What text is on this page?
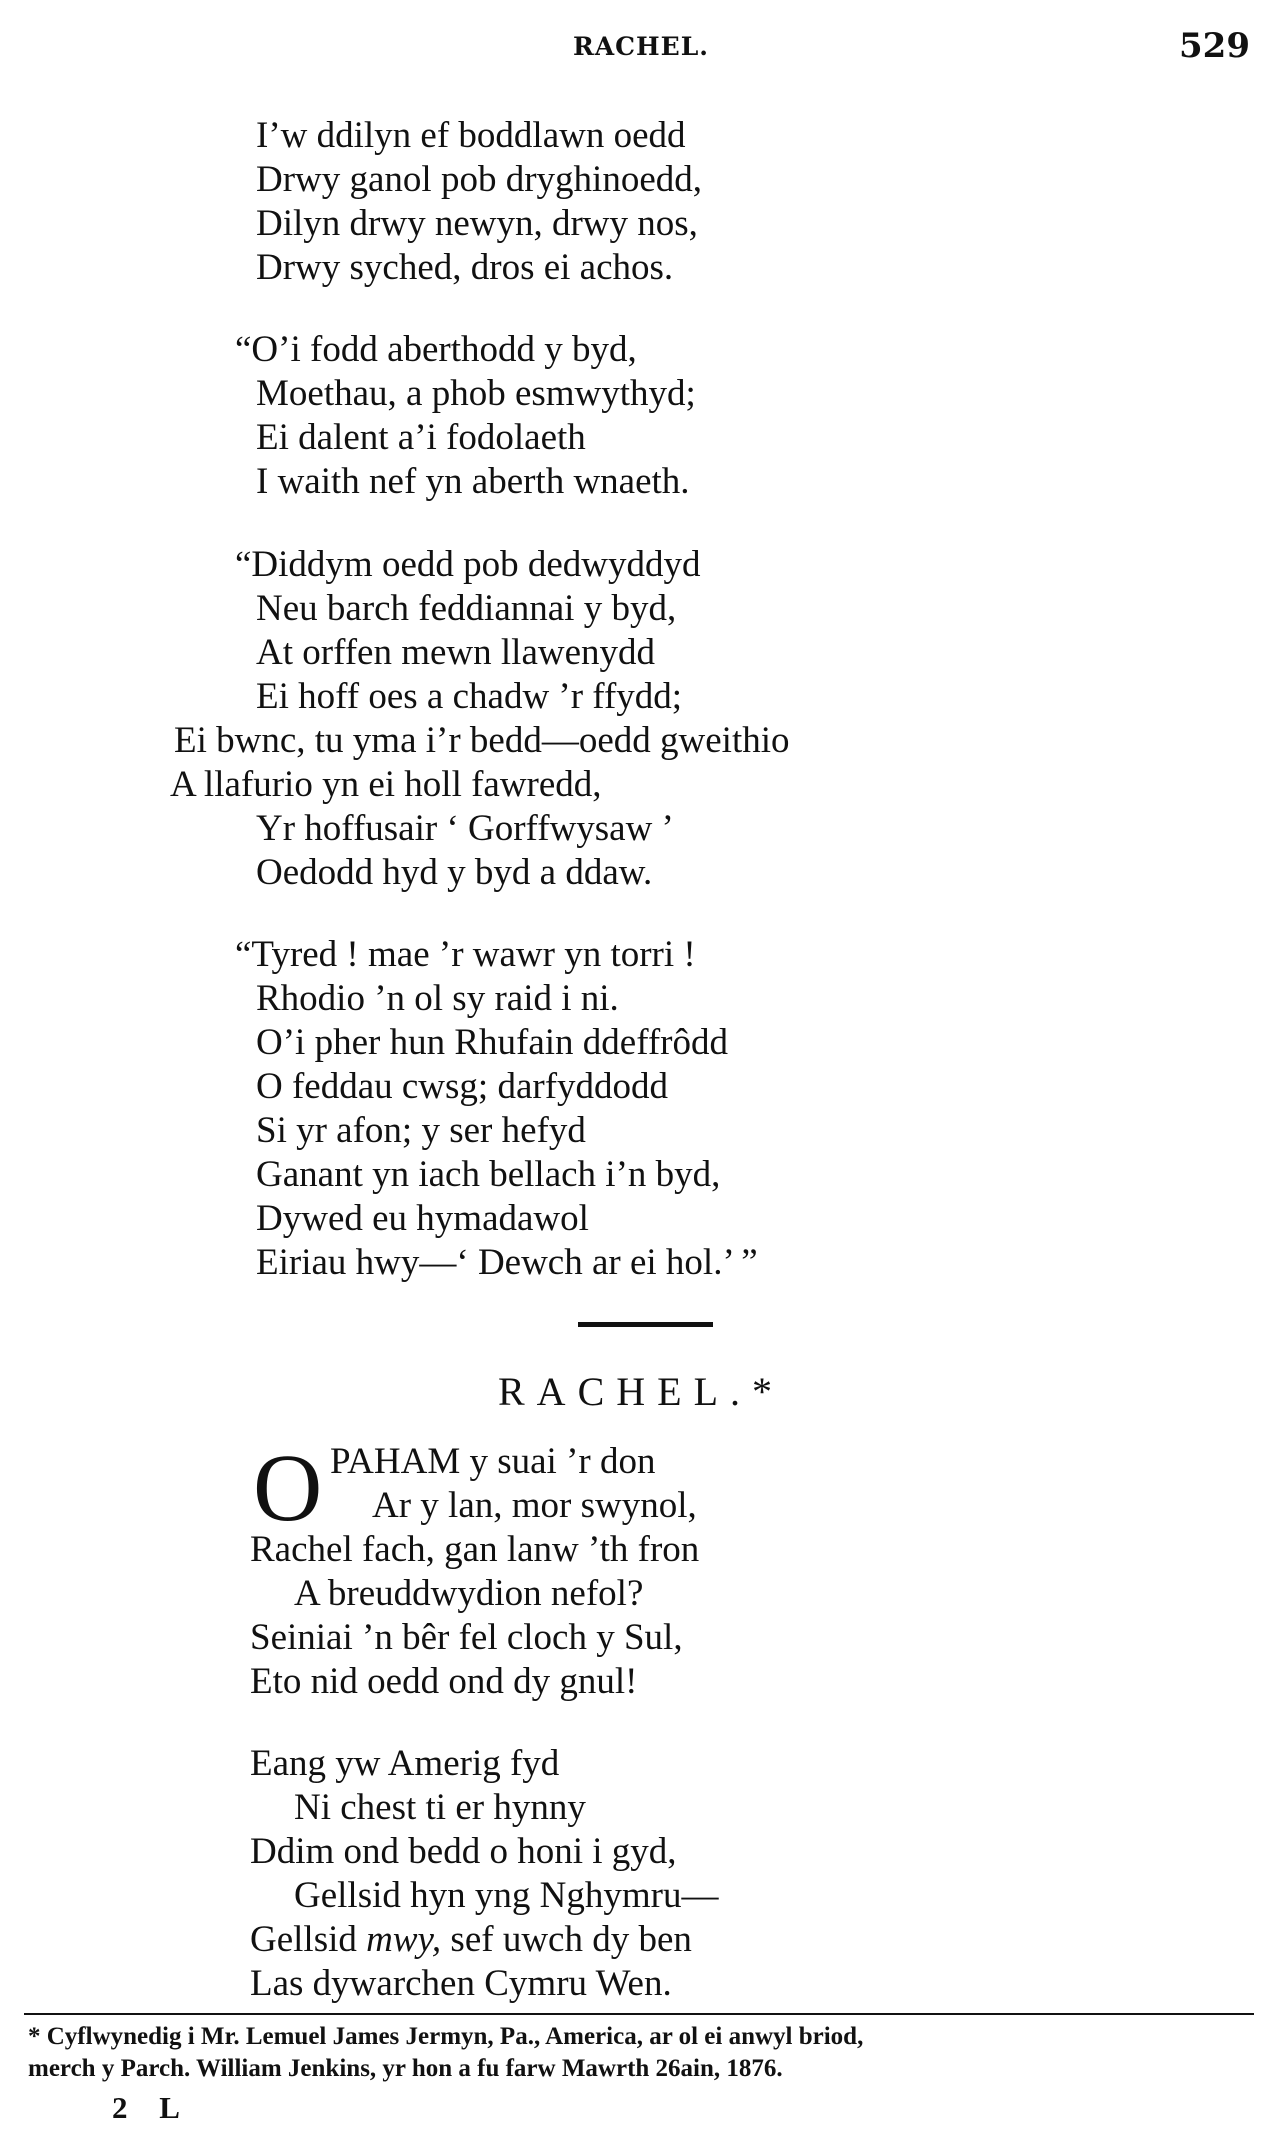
RACHEL.	529
I’w ddilyn ef boddlawn oedd
Drwy ganol pob dryghinoedd,
Dilyn drwy newyn, drwy nos,
Drwy syched, dros ei achos.
“O’i fodd aberthodd y byd,
Moethau, a phob esmwythyd;
Ei dalent a’i fodolaeth
I waith nef yn aberth wnaeth.
“Diddym oedd pob dedwyddyd
Neu barch feddiannai y byd,
At orffen mewn llawenydd
Ei hoff oes a chadw ’r ffydd;
Ei bwnc, tu yma i’r bedd—oedd gweithio
A llafurio yn ei holl fawredd,
Yr hoffusair ‘ Gorffwysaw ’
Oedodd hyd y byd a ddaw.
“Tyred ! mae ’r wawr yn torri !
Rhodio ’n ol sy raid i ni.
O’i pher hun Rhufain ddeffrôdd
O feddau cwsg; darfyddodd
Si yr afon; y ser hefyd
Ganant yn iach bellach i’n byd,
Dywed eu hymadawol
Eiriau hwy—‘ Dewch ar ei hol.’ ”
RACHEL.*
O PAHAM y suai ’r don
Ar y lan, mor swynol,
Rachel fach, gan lanw ’th fron
A breuddwydion nefol?
Seiniai ’n bêr fel cloch y Sul,
Eto nid oedd ond dy gnul!
Eang yw Amerig fyd
Ni chest ti er hynny
Ddim ond bedd o honi i gyd,
Gellsid hyn yng Nghymru—
Gellsid mwy, sef uwch dy ben
Las dywarchen Cymru Wen.
* Cyflwynedig i Mr. Lemuel James Jermyn, Pa., America, ar ol ei anwyl briod,
merch y Parch. William Jenkins, yr hon a fu farw Mawrth 26ain, 1876.
2 L
